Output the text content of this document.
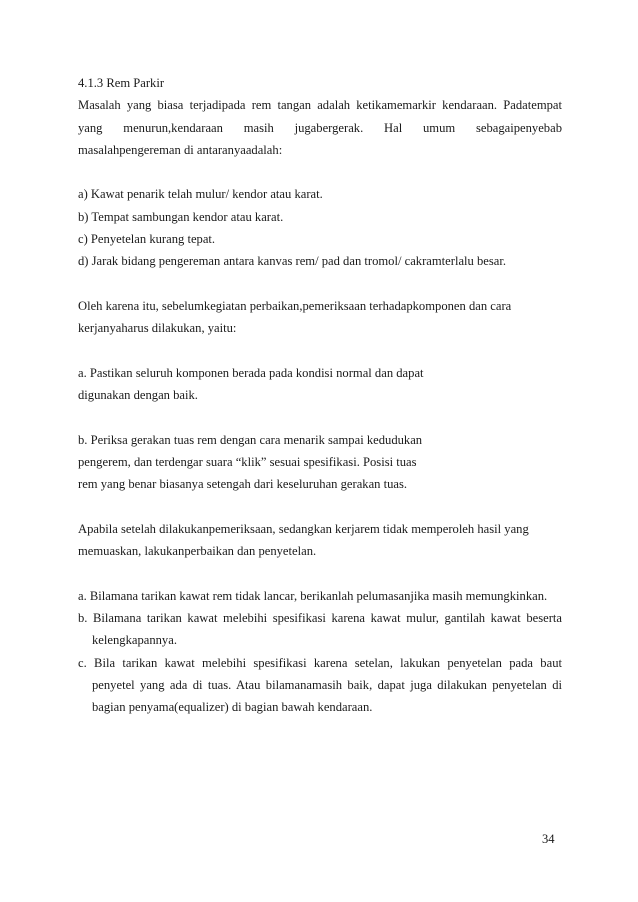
4.1.3 Rem Parkir
Masalah yang biasa terjadipada rem tangan adalah ketikamemarkir kendaraan. Padatempat
yang menurun,kendaraan masih jugabergerak. Hal umum sebagaipenyebab
masalahpengereman di antaranyaadalah:
a) Kawat penarik telah mulur/ kendor atau karat.
b) Tempat sambungan kendor atau karat.
c) Penyetelan kurang tepat.
d) Jarak bidang pengereman antara kanvas rem/ pad dan tromol/ cakramterlalu besar.
Oleh karena itu, sebelumkegiatan perbaikan,pemeriksaan terhadapkomponen dan cara
kerjanyaharus dilakukan, yaitu:
a. Pastikan seluruh komponen berada pada kondisi normal dan dapat
digunakan dengan baik.
b. Periksa gerakan tuas rem dengan cara menarik sampai kedudukan
pengerem, dan terdengar suara “klik” sesuai spesifikasi. Posisi tuas
rem yang benar biasanya setengah dari keseluruhan gerakan tuas.
Apabila setelah dilakukanpemeriksaan, sedangkan kerjarem tidak memperoleh hasil yang
memuaskan, lakukanperbaikan dan penyetelan.
a. Bilamana tarikan kawat rem tidak lancar, berikanlah pelumasanjika masih memungkinkan.
b. Bilamana tarikan kawat melebihi spesifikasi karena kawat mulur, gantilah kawat beserta
kelengkapannya.
c. Bila tarikan kawat melebihi spesifikasi karena setelan, lakukan penyetelan pada baut
penyetel yang ada di tuas. Atau bilamanamasih baik, dapat juga dilakukan penyetelan di
bagian penyama(equalizer) di bagian bawah kendaraan.
34
